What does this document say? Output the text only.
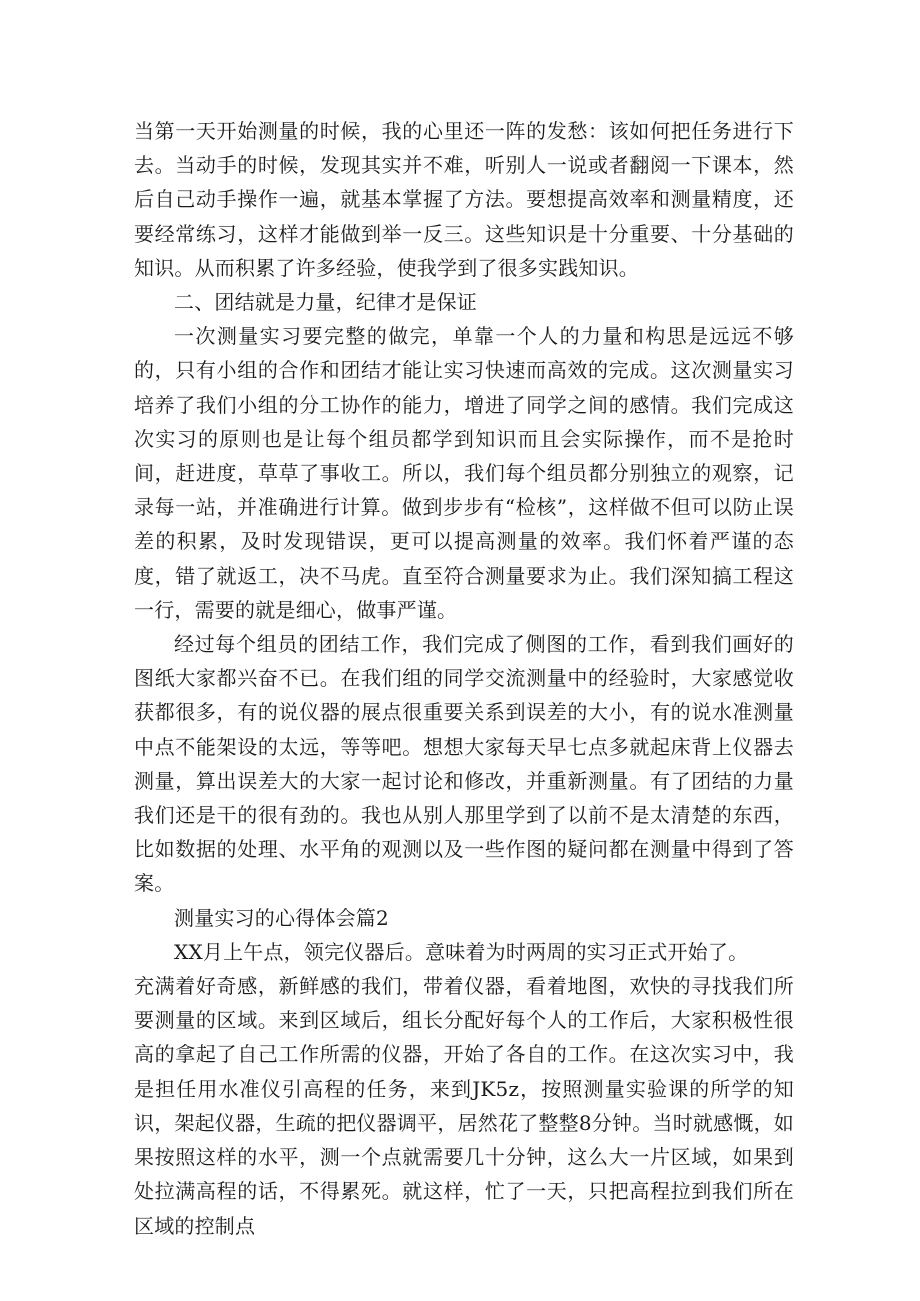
当第一天开始测量的时候，我的心里还一阵的发愁：该如何把任务进行下去。当动手的时候，发现其实并不难，听别人一说或者翻阅一下课本，然后自己动手操作一遍，就基本掌握了方法。要想提高效率和测量精度，还要经常练习，这样才能做到举一反三。这些知识是十分重要、十分基础的知识。从而积累了许多经验，使我学到了很多实践知识。

二、团结就是力量，纪律才是保证

一次测量实习要完整的做完，单靠一个人的力量和构思是远远不够的，只有小组的合作和团结才能让实习快速而高效的完成。这次测量实习培养了我们小组的分工协作的能力，增进了同学之间的感情。我们完成这次实习的原则也是让每个组员都学到知识而且会实际操作，而不是抢时间，赶进度，草草了事收工。所以，我们每个组员都分别独立的观察，记录每一站，并准确进行计算。做到步步有“检核”，这样做不但可以防止误差的积累，及时发现错误，更可以提高测量的效率。我们怀着严谨的态度，错了就返工，决不马虎。直至符合测量要求为止。我们深知搞工程这一行，需要的就是细心，做事严谨。

经过每个组员的团结工作，我们完成了侧图的工作，看到我们画好的图纸大家都兴奋不已。在我们组的同学交流测量中的经验时，大家感觉收获都很多，有的说仪器的展点很重要关系到误差的大小，有的说水准测量中点不能架设的太远，等等吧。想想大家每天早七点多就起床背上仪器去测量，算出误差大的大家一起讨论和修改，并重新测量。有了团结的力量我们还是干的很有劲的。我也从别人那里学到了以前不是太清楚的东西，比如数据的处理、水平角的观测以及一些作图的疑问都在测量中得到了答案。

测量实习的心得体会篇2

XX月上午点，领完仪器后。意味着为时两周的实习正式开始了。

充满着好奇感，新鲜感的我们，带着仪器，看着地图，欢快的寻找我们所要测量的区域。来到区域后，组长分配好每个人的工作后，大家积极性很高的拿起了自己工作所需的仪器，开始了各自的工作。在这次实习中，我是担任用水准仪引高程的任务，来到JK5z，按照测量实验课的所学的知识，架起仪器，生疏的把仪器调平，居然花了整整8分钟。当时就感慨，如果按照这样的水平，测一个点就需要几十分钟，这么大一片区域，如果到处拉满高程的话，不得累死。就这样，忙了一天，只把高程拉到我们所在区域的控制点
